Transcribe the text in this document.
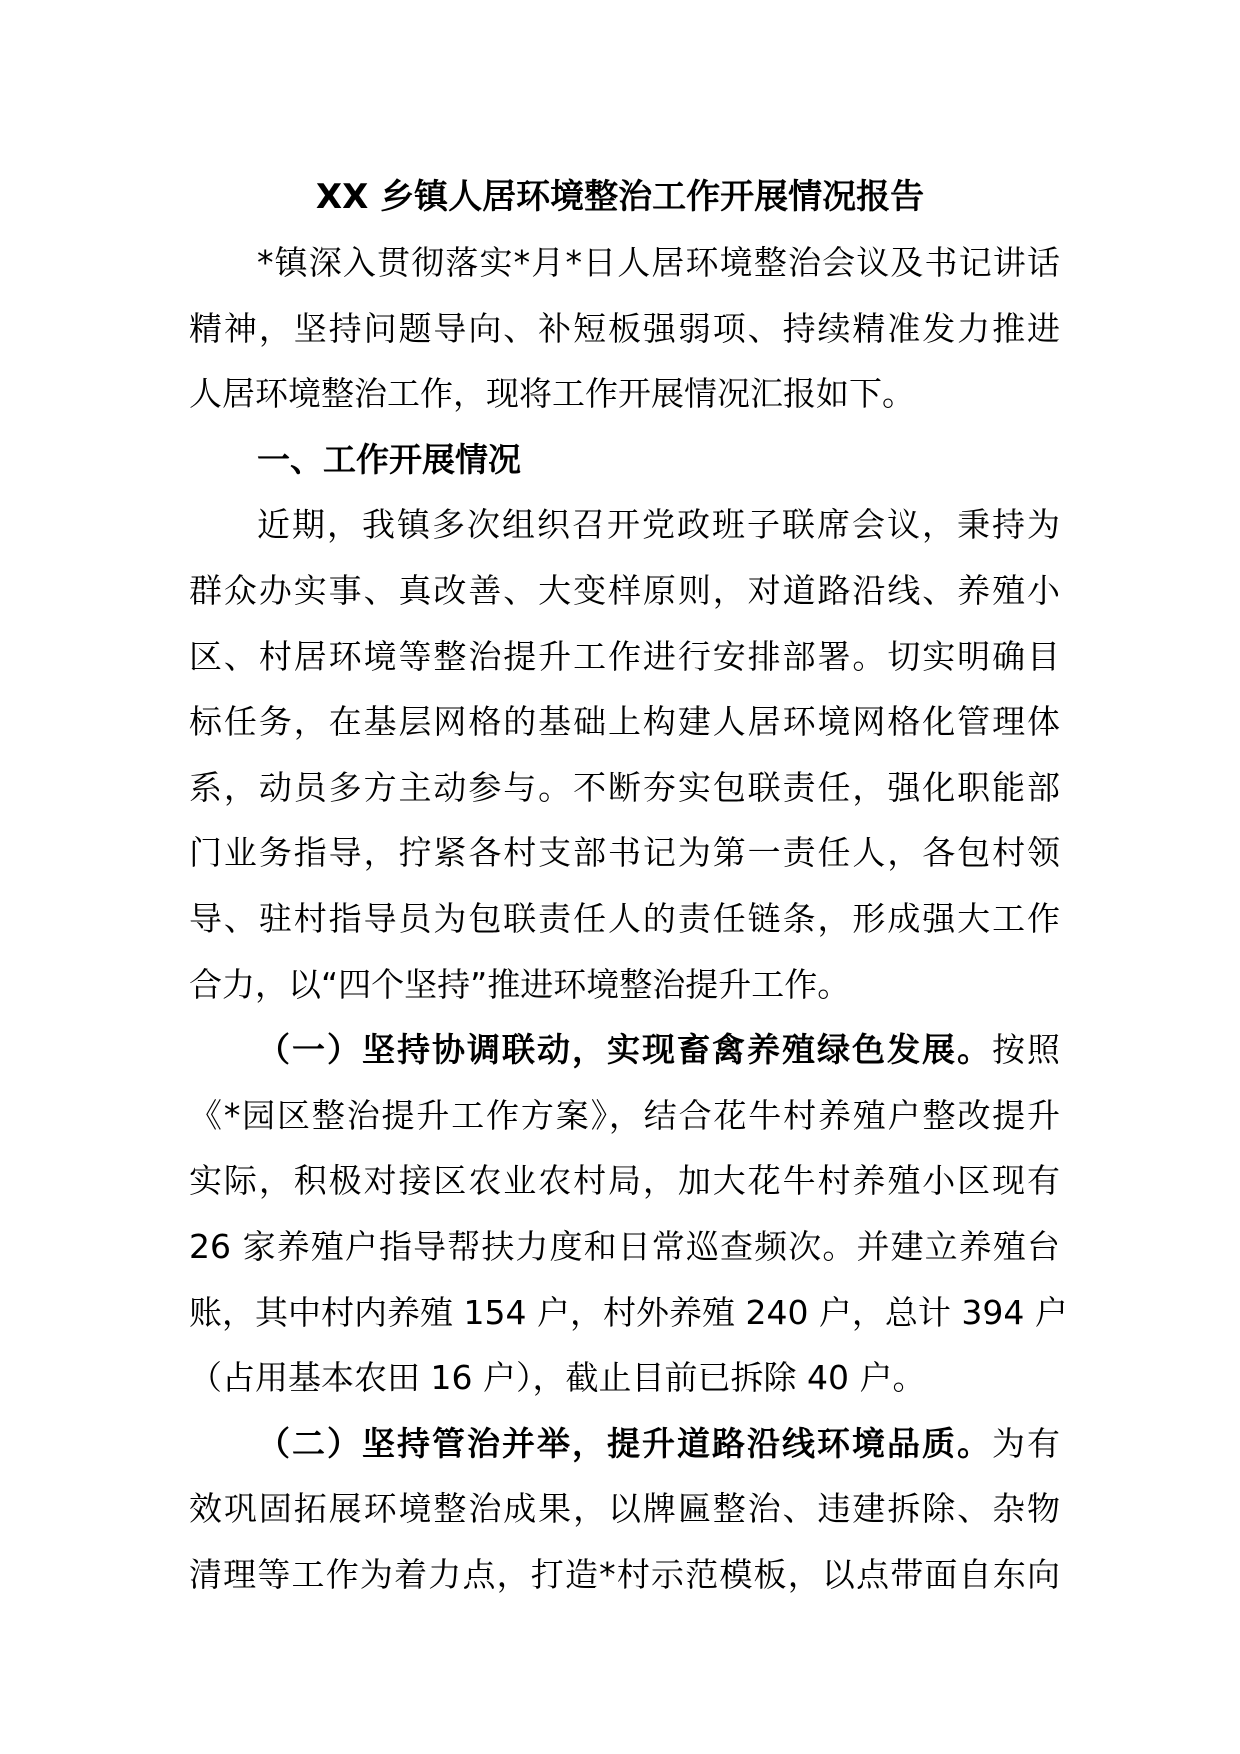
XX 乡镇人居环境整治工作开展情况报告
*镇深入贯彻落实*月*日人居环境整治会议及书记讲话
精神，坚持问题导向、补短板强弱项、持续精准发力推进
人居环境整治工作，现将工作开展情况汇报如下。
一、工作开展情况
近期，我镇多次组织召开党政班子联席会议，秉持为
群众办实事、真改善、大变样原则，对道路沿线、养殖小
区、村居环境等整治提升工作进行安排部署。切实明确目
标任务，在基层网格的基础上构建人居环境网格化管理体
系，动员多方主动参与。不断夯实包联责任，强化职能部
门业务指导，拧紧各村支部书记为第一责任人，各包村领
导、驻村指导员为包联责任人的责任链条，形成强大工作
合力，以“四个坚持”推进环境整治提升工作。
（一）坚持协调联动，实现畜禽养殖绿色发展。按照
《*园区整治提升工作方案》，结合花牛村养殖户整改提升
实际，积极对接区农业农村局，加大花牛村养殖小区现有
26 家养殖户指导帮扶力度和日常巡查频次。并建立养殖台
账，其中村内养殖 154 户，村外养殖 240 户，总计 394 户
（占用基本农田 16 户），截止目前已拆除 40 户。
（二）坚持管治并举，提升道路沿线环境品质。为有
效巩固拓展环境整治成果，以牌匾整治、违建拆除、杂物
清理等工作为着力点，打造*村示范模板，以点带面自东向
